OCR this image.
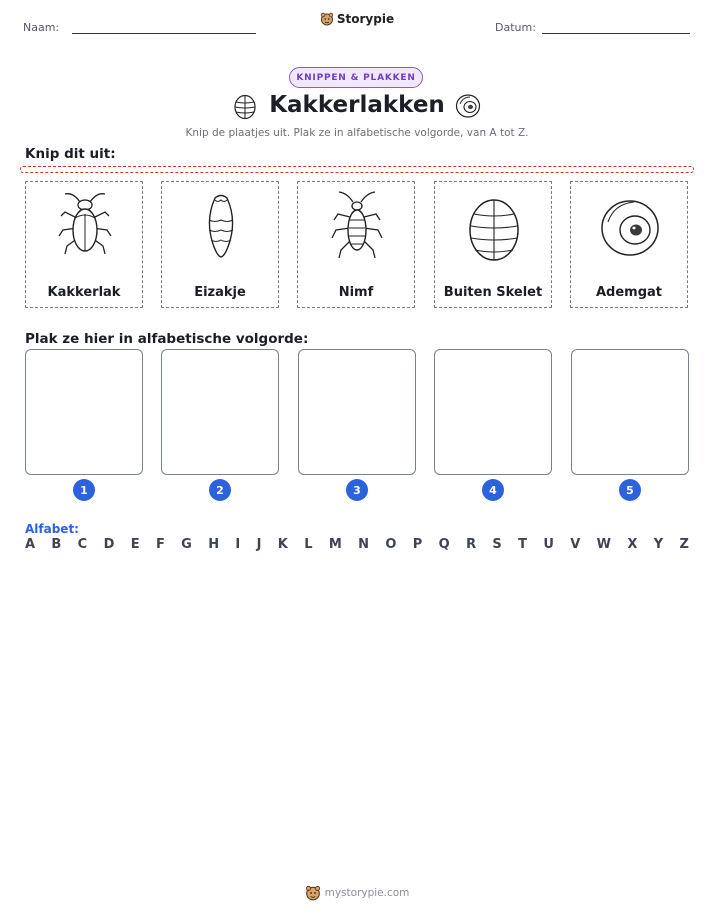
Naam:	Datum:
Storypie
KNIPPEN & PLAKKEN
Kakkerlakken
Knip de plaatjes uit. Plak ze in alfabetische volgorde, van A tot Z.
Knip dit uit:
Kakkerlak	Eizakje	Nimf	Buiten Skelet	Ademgat
Plak ze hier in alfabetische volgorde:
1	2	3	4	5
Alfabet:
A B C D E F G H I J K L M N O P Q R S T U V W X Y Z
mystorypie.com
